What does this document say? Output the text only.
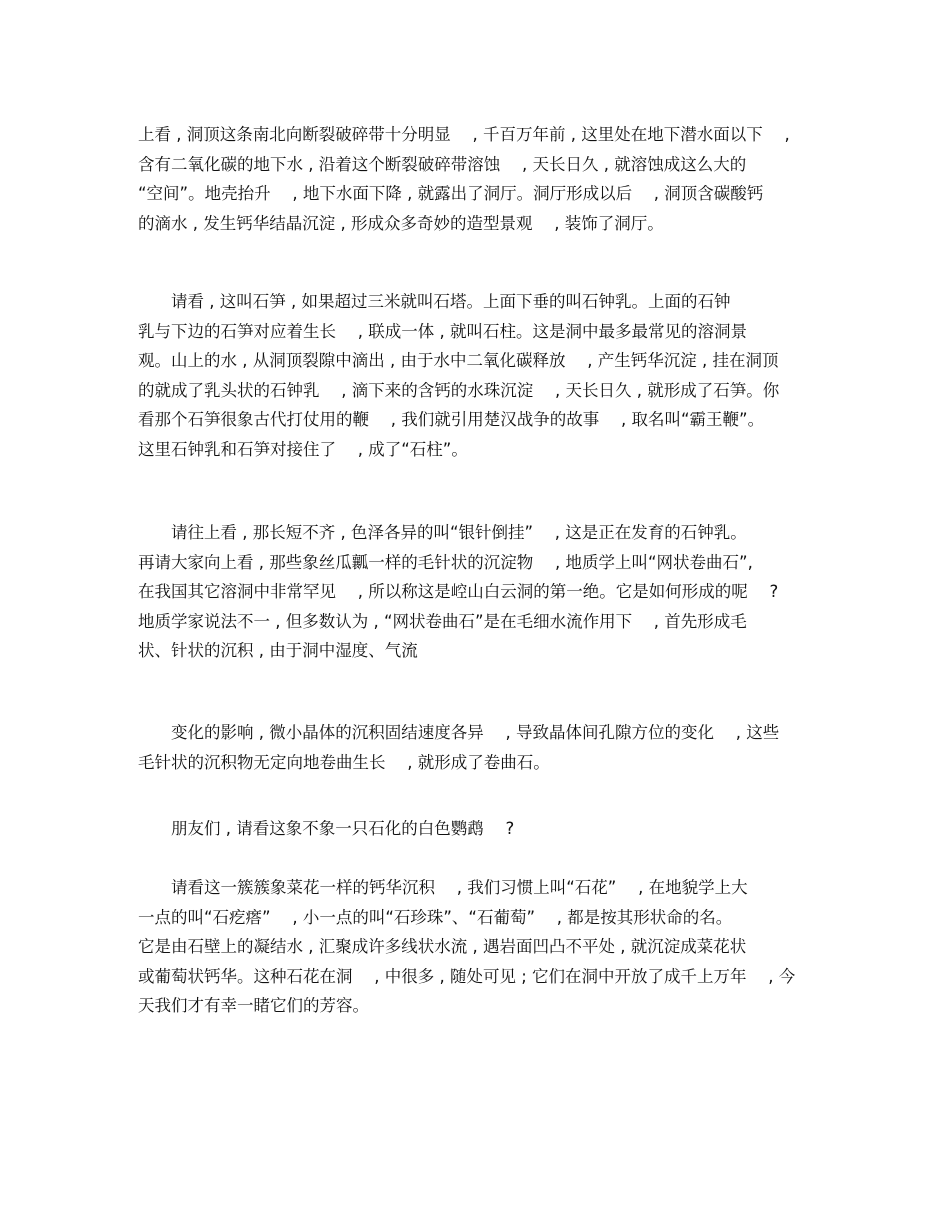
上看 , 洞顶这条南北向断裂破碎带十分明显 　, 千百万年前 , 这里处在地下潜水面以下 　,
含有二氧化碳的地下水 , 沿着这个断裂破碎带溶蚀 　, 天长日久 , 就溶蚀成这么大的
“空间”。地壳抬升 　, 地下水面下降 , 就露出了洞厅。洞厅形成以后 　, 洞顶含碳酸钙
的滴水 , 发生钙华结晶沉淀 , 形成众多奇妙的造型景观 　, 装饰了洞厅。
　　请看 , 这叫石笋 , 如果超过三米就叫石塔。上面下垂的叫石钟乳。上面的石钟
乳与下边的石笋对应着生长 　, 联成一体 , 就叫石柱。这是洞中最多最常见的溶洞景
观。山上的水 , 从洞顶裂隙中滴出 , 由于水中二氧化碳释放 　, 产生钙华沉淀 , 挂在洞顶
的就成了乳头状的石钟乳 　, 滴下来的含钙的水珠沉淀 　, 天长日久 , 就形成了石笋。你
看那个石笋很象古代打仗用的鞭 　, 我们就引用楚汉战争的故事 　, 取名叫“霸王鞭”。
这里石钟乳和石笋对接住了 　, 成了“石柱”。
　　请往上看 , 那长短不齐 , 色泽各异的叫“银针倒挂” 　, 这是正在发育的石钟乳。
再请大家向上看 , 那些象丝瓜瓤一样的毛针状的沉淀物 　, 地质学上叫“网状卷曲石”,
在我国其它溶洞中非常罕见 　, 所以称这是崆山白云洞的第一绝。它是如何形成的呢 　?
地质学家说法不一 , 但多数认为 , “网状卷曲石”是在毛细水流作用下 　, 首先形成毛
状、针状的沉积 , 由于洞中湿度、气流
　　变化的影响 , 微小晶体的沉积固结速度各异 　, 导致晶体间孔隙方位的变化 　, 这些
毛针状的沉积物无定向地卷曲生长 　, 就形成了卷曲石。
　　朋友们 , 请看这象不象一只石化的白色鹦鹉 　?
　　请看这一簇簇象菜花一样的钙华沉积 　, 我们习惯上叫“石花” 　, 在地貌学上大
一点的叫“石疙瘩” 　, 小一点的叫“石珍珠”、“石葡萄” 　, 都是按其形状命的名。
它是由石壁上的凝结水 , 汇聚成许多线状水流 , 遇岩面凹凸不平处 , 就沉淀成菜花状
或葡萄状钙华。这种石花在洞 　, 中很多 , 随处可见 ; 它们在洞中开放了成千上万年 　, 今
天我们才有幸一睹它们的芳容。
